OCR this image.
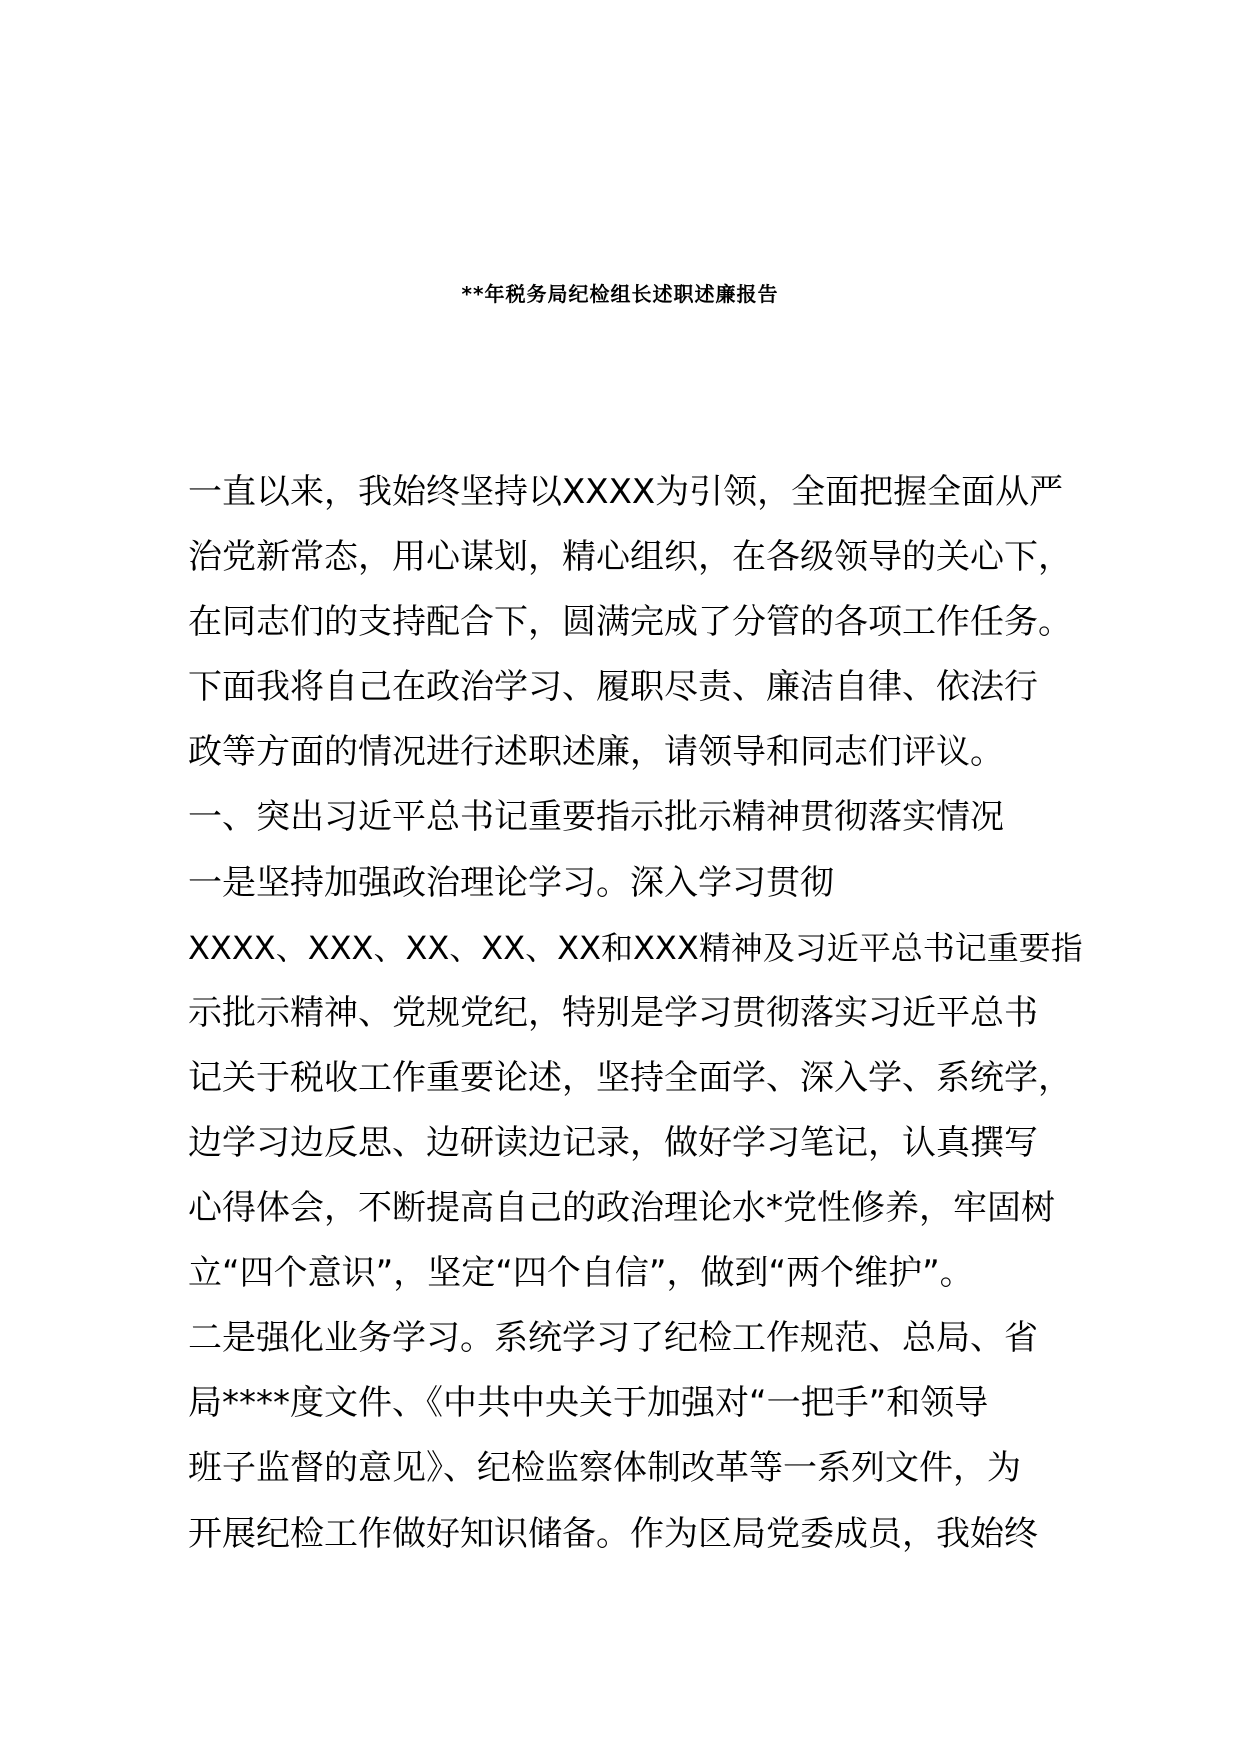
**年税务局纪检组长述职述廉报告
一直以来，我始终坚持以XXXX为引领，全面把握全面从严
治党新常态，用心谋划，精心组织，在各级领导的关心下，
在同志们的支持配合下，圆满完成了分管的各项工作任务。
下面我将自己在政治学习、履职尽责、廉洁自律、依法行
政等方面的情况进行述职述廉，请领导和同志们评议。
一、突出习近平总书记重要指示批示精神贯彻落实情况
一是坚持加强政治理论学习。深入学习贯彻
XXXX、XXX、XX、XX、XX和XXX精神及习近平总书记重要指
示批示精神、党规党纪，特别是学习贯彻落实习近平总书
记关于税收工作重要论述，坚持全面学、深入学、系统学，
边学习边反思、边研读边记录，做好学习笔记，认真撰写
心得体会，不断提高自己的政治理论水*党性修养，牢固树
立“四个意识”，坚定“四个自信”，做到“两个维护”。
二是强化业务学习。系统学习了纪检工作规范、总局、省
局****度文件、《中共中央关于加强对“一把手”和领导
班子监督的意见》、纪检监察体制改革等一系列文件，为
开展纪检工作做好知识储备。作为区局党委成员，我始终
